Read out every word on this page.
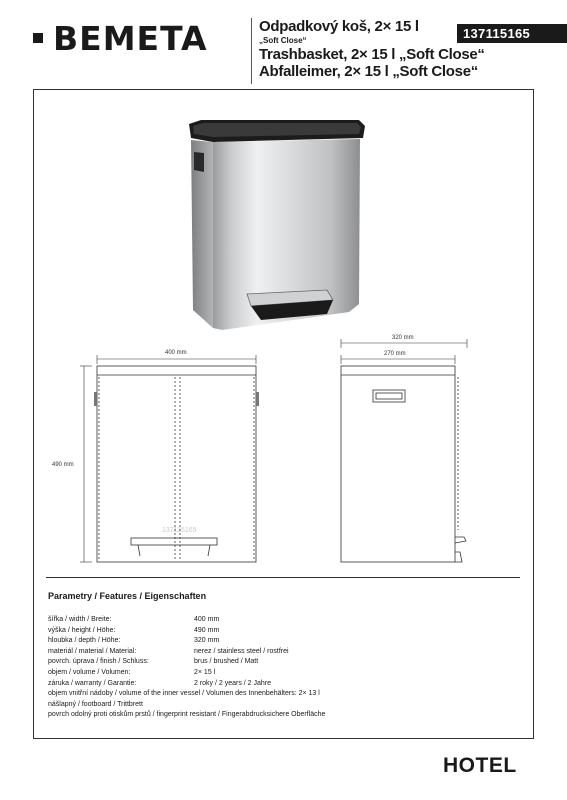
BEMETA	Odpadkový koš, 2× 15 l
„Soft Close“
Trashbasket, 2× 15 l „Soft Close“
Abfalleimer, 2× 15 l „Soft Close“
137115165
400 mm
490 mm
137115165
320 mm
270 mm
Parametry / Features / Eigenschaften
šířka / width / Breite:	400 mm
výška / height / Höhe:	490 mm
hloubka / depth / Höhe:	320 mm
materiál / material / Material:	nerez / stainless steel / rostfrei
povrch. úprava / finish / Schluss:	brus / brushed / Matt
objem / volume / Volumen:	2× 15 l
záruka / warranty / Garantie:	2 roky / 2 years / 2 Jahre
objem vnitřní nádoby / volume of the inner vessel / Volumen des Innenbehälters: 2× 13 l
nášlapný / footboard / Trittbrett
povrch odolný proti otiskům prstů / fingerprint resistant / Fingerabdrucksichere Oberfläche
HOTEL
